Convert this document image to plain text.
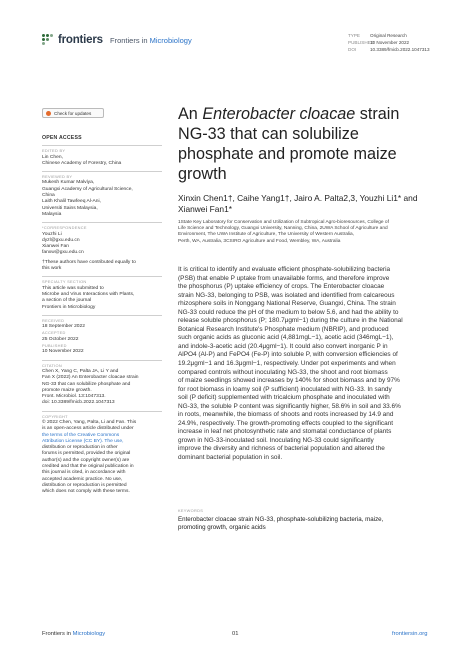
frontiers Frontiers in Microbiology
TYPE Original Research
PUBLISHED10 November 2022
DOI	10.3389/fmicb.2022.1047313
Check for updates
OPEN ACCESS
EDITED BY
Lin Chen,
Chinese Academy of Forestry, China
REVIEWED BY
Mukesh Kumar Malviya,
Guangxi Academy of Agricultural Science,
China
Laith Khalil Tawfeeq Al-Ani,
Universiti Sains Malaysia,
Malaysia
*CORRESPONDENCE
Youzhi Li
dyzl@gxu.edu.cn
Xianwei Fan
fanxw@gxu.edu.cn
†These authors have contributed equally to
this work
SPECIALTY SECTION
This article was submitted to
Microbe and Virus Interactions with Plants,
a section of the journal
Frontiers in Microbiology
RECEIVED
18 September 2022
ACCEPTED
25 October 2022
PUBLISHED
10 November 2022
CITATION
Chen X, Yang C, Palta JA, Li Y and
Fan X (2022) An Enterobacter cloacae strain
NG-33 that can solubilize phosphate and
promote maize growth.
Front. Microbiol. 13:1047313.
doi: 10.3389/fmicb.2022.1047313
COPYRIGHT
© 2022 Chen, Yang, Palta, Li and Fan. This
is an open-access article distributed under
the terms of the Creative Commons
Attribution License (CC BY). The use,
distribution or reproduction in other
forums is permitted, provided the original
author(s) and the copyright owner(s) are
credited and that the original publication in
this journal is cited, in accordance with
accepted academic practice. No use,
distribution or reproduction is permitted
which does not comply with these terms.
An Enterobacter cloacae strain
NG-33 that can solubilize
phosphate and promote maize
growth
Xinxin Chen1†, Caihe Yang1†, Jairo A. Palta2,3, Youzhi Li1* and
Xianwei Fan1*
1State Key Laboratory for Conservation and Utilization of Subtropical Agro-bioresources, College of
Life Science and Technology, Guangxi University, Nanning, China, 2UWA School of Agriculture and
Environment, The UWA Institute of Agriculture, The University of Western Australia,
Perth, WA, Australia, 3CSIRO Agriculture and Food, Wembley, WA, Australia
It is critical to identify and evaluate efficient phosphate-solubilizing bacteria
(PSB) that enable P uptake from unavailable forms, and therefore improve
the phosphorus (P) uptake efficiency of crops. The Enterobacter cloacae
strain NG-33, belonging to PSB, was isolated and identified from calcareous
rhizosphere soils in Nonggang National Reserve, Guangxi, China. The strain
NG-33 could reduce the pH of the medium to below 5.6, and had the ability to
release soluble phosphorus (P; 180.7μgml−1) during the culture in the National
Botanical Research Institute's Phosphate medium (NBRIP), and produced
such organic acids as gluconic acid (4,881mgL−1), acetic acid (346mgL−1),
and indole-3-acetic acid (20.4μgml−1). It could also convert inorganic P in
AlPO4 (Al-P) and FePO4 (Fe-P) into soluble P, with conversion efficiencies of
19.2μgml−1 and 16.3μgml−1, respectively. Under pot experiments and when
compared controls without inoculating NG-33, the shoot and root biomass
of maize seedlings showed increases by 140% for shoot biomass and by 97%
for root biomass in loamy soil (P sufficient) inoculated with NG-33. In sandy
soil (P deficit) supplemented with tricalcium phosphate and inoculated with
NG-33, the soluble P content was significantly higher, 58.6% in soil and 33.6%
in roots, meanwhile, the biomass of shoots and roots increased by 14.9 and
24.9%, respectively. The growth-promoting effects coupled to the significant
increase in leaf net photosynthetic rate and stomatal conductance of plants
grown in NG-33-inoculated soil. Inoculating NG-33 could significantly
improve the diversity and richness of bacterial population and altered the
dominant bacterial population in soil.
KEYWORDS
Enterobacter cloacae strain NG-33, phosphate-solubilizing bacteria, maize,
promoting growth, organic acids
Frontiers in Microbiology	01	frontiersin.org
